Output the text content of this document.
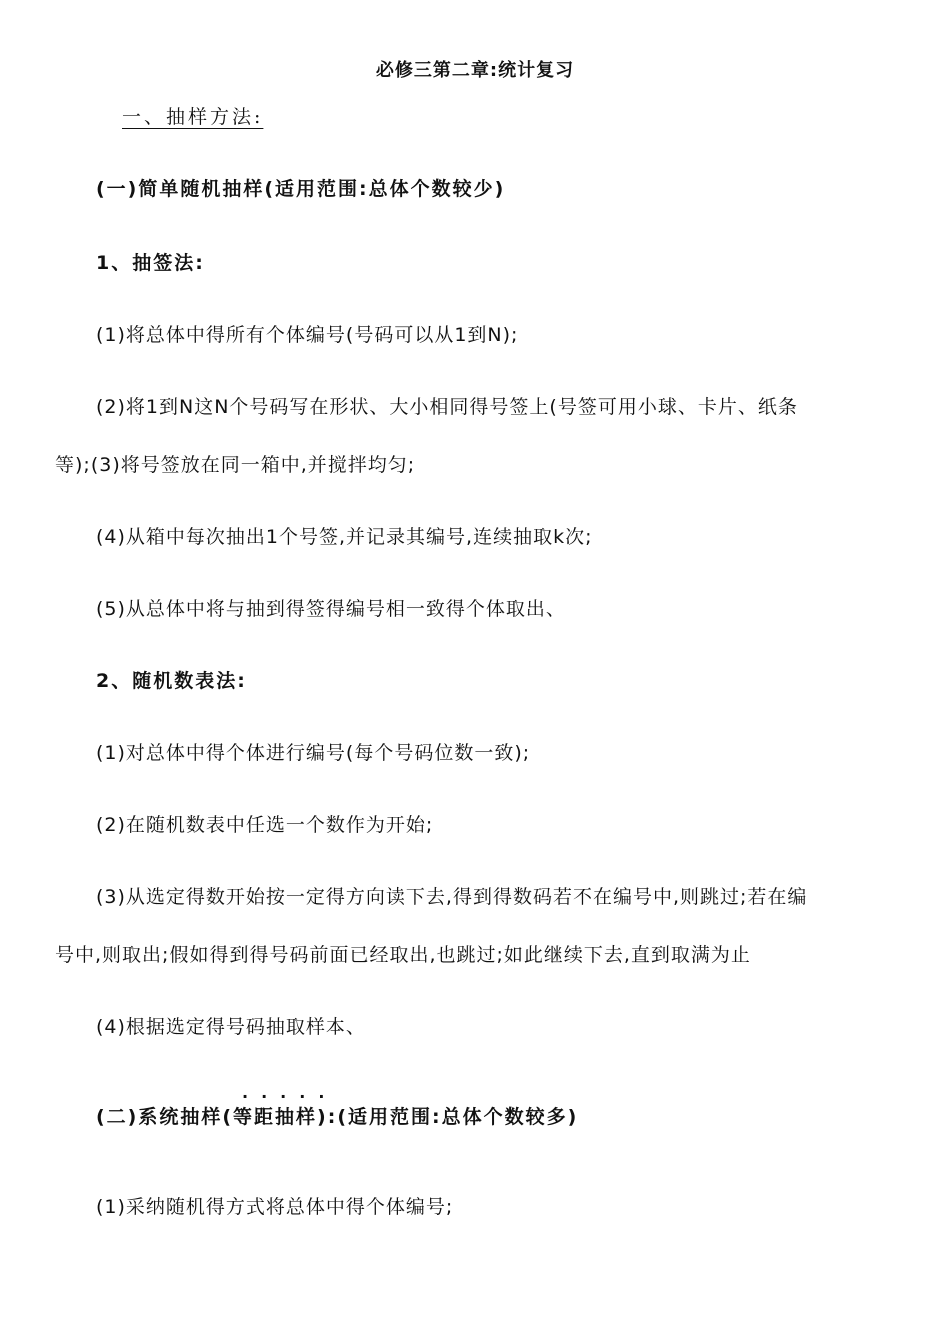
必修三第二章:统计复习
一、抽样方法:
(一)简单随机抽样(适用范围:总体个数较少)
1、抽签法:
(1)将总体中得所有个体编号(号码可以从1到N);
(2)将1到N这N个号码写在形状、大小相同得号签上(号签可用小球、卡片、纸条
等);(3)将号签放在同一箱中,并搅拌均匀;
(4)从箱中每次抽出1个号签,并记录其编号,连续抽取k次;
(5)从总体中将与抽到得签得编号相一致得个体取出、
2、随机数表法:
(1)对总体中得个体进行编号(每个号码位数一致);
(2)在随机数表中任选一个数作为开始;
(3)从选定得数开始按一定得方向读下去,得到得数码若不在编号中,则跳过;若在编
号中,则取出;假如得到得号码前面已经取出,也跳过;如此继续下去,直到取满为止
(4)根据选定得号码抽取样本、
·····
(二)系统抽样(等距抽样):(适用范围:总体个数较多)
(1)采纳随机得方式将总体中得个体编号;
